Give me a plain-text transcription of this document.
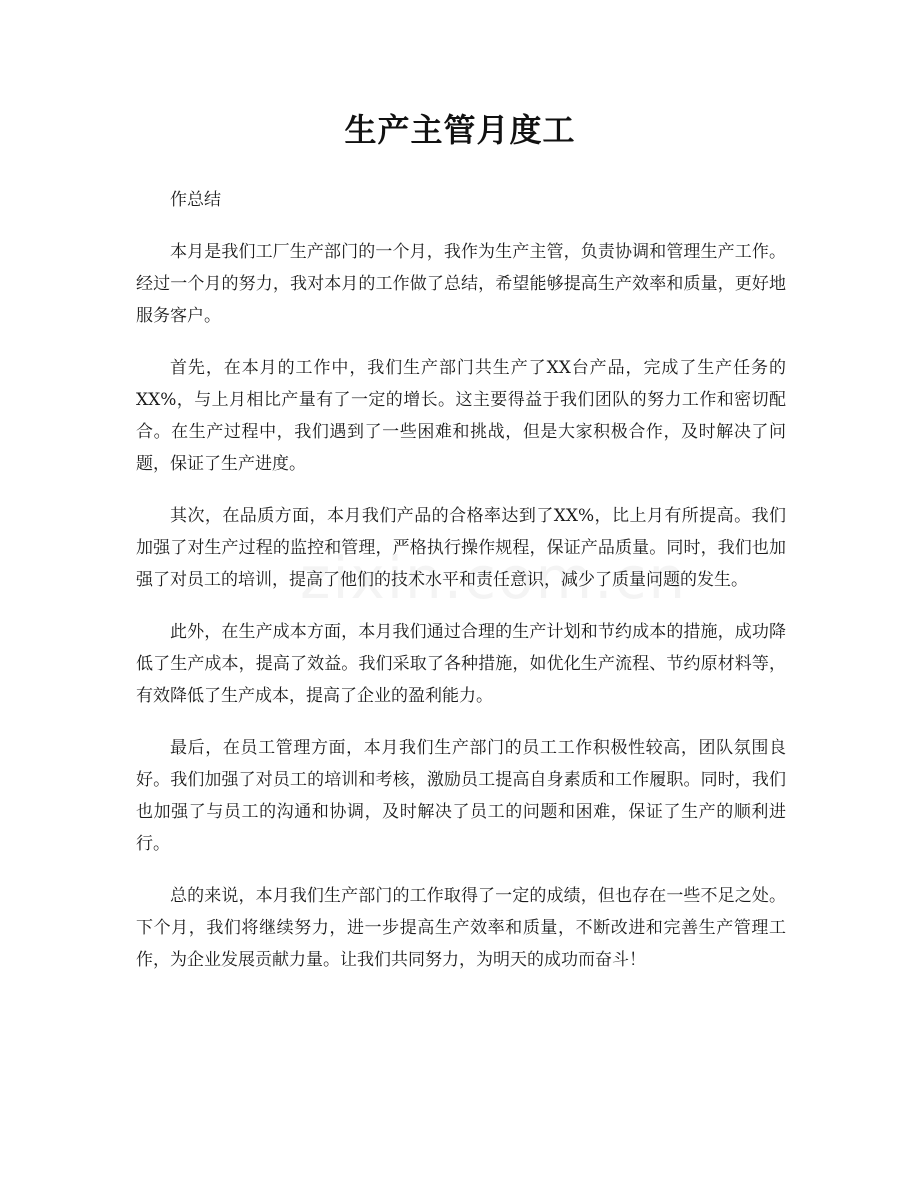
生产主管月度工

作总结

本月是我们工厂生产部门的一个月，我作为生产主管，负责协调和管理生产工作。经过一个月的努力，我对本月的工作做了总结，希望能够提高生产效率和质量，更好地服务客户。

首先，在本月的工作中，我们生产部门共生产了XX台产品，完成了生产任务的XX%，与上月相比产量有了一定的增长。这主要得益于我们团队的努力工作和密切配合。在生产过程中，我们遇到了一些困难和挑战，但是大家积极合作，及时解决了问题，保证了生产进度。

其次，在品质方面，本月我们产品的合格率达到了XX%，比上月有所提高。我们加强了对生产过程的监控和管理，严格执行操作规程，保证产品质量。同时，我们也加强了对员工的培训，提高了他们的技术水平和责任意识，减少了质量问题的发生。

此外，在生产成本方面，本月我们通过合理的生产计划和节约成本的措施，成功降低了生产成本，提高了效益。我们采取了各种措施，如优化生产流程、节约原材料等，有效降低了生产成本，提高了企业的盈利能力。

最后，在员工管理方面，本月我们生产部门的员工工作积极性较高，团队氛围良好。我们加强了对员工的培训和考核，激励员工提高自身素质和工作履职。同时，我们也加强了与员工的沟通和协调，及时解决了员工的问题和困难，保证了生产的顺利进行。

总的来说，本月我们生产部门的工作取得了一定的成绩，但也存在一些不足之处。下个月，我们将继续努力，进一步提高生产效率和质量，不断改进和完善生产管理工作，为企业发展贡献力量。让我们共同努力，为明天的成功而奋斗！
